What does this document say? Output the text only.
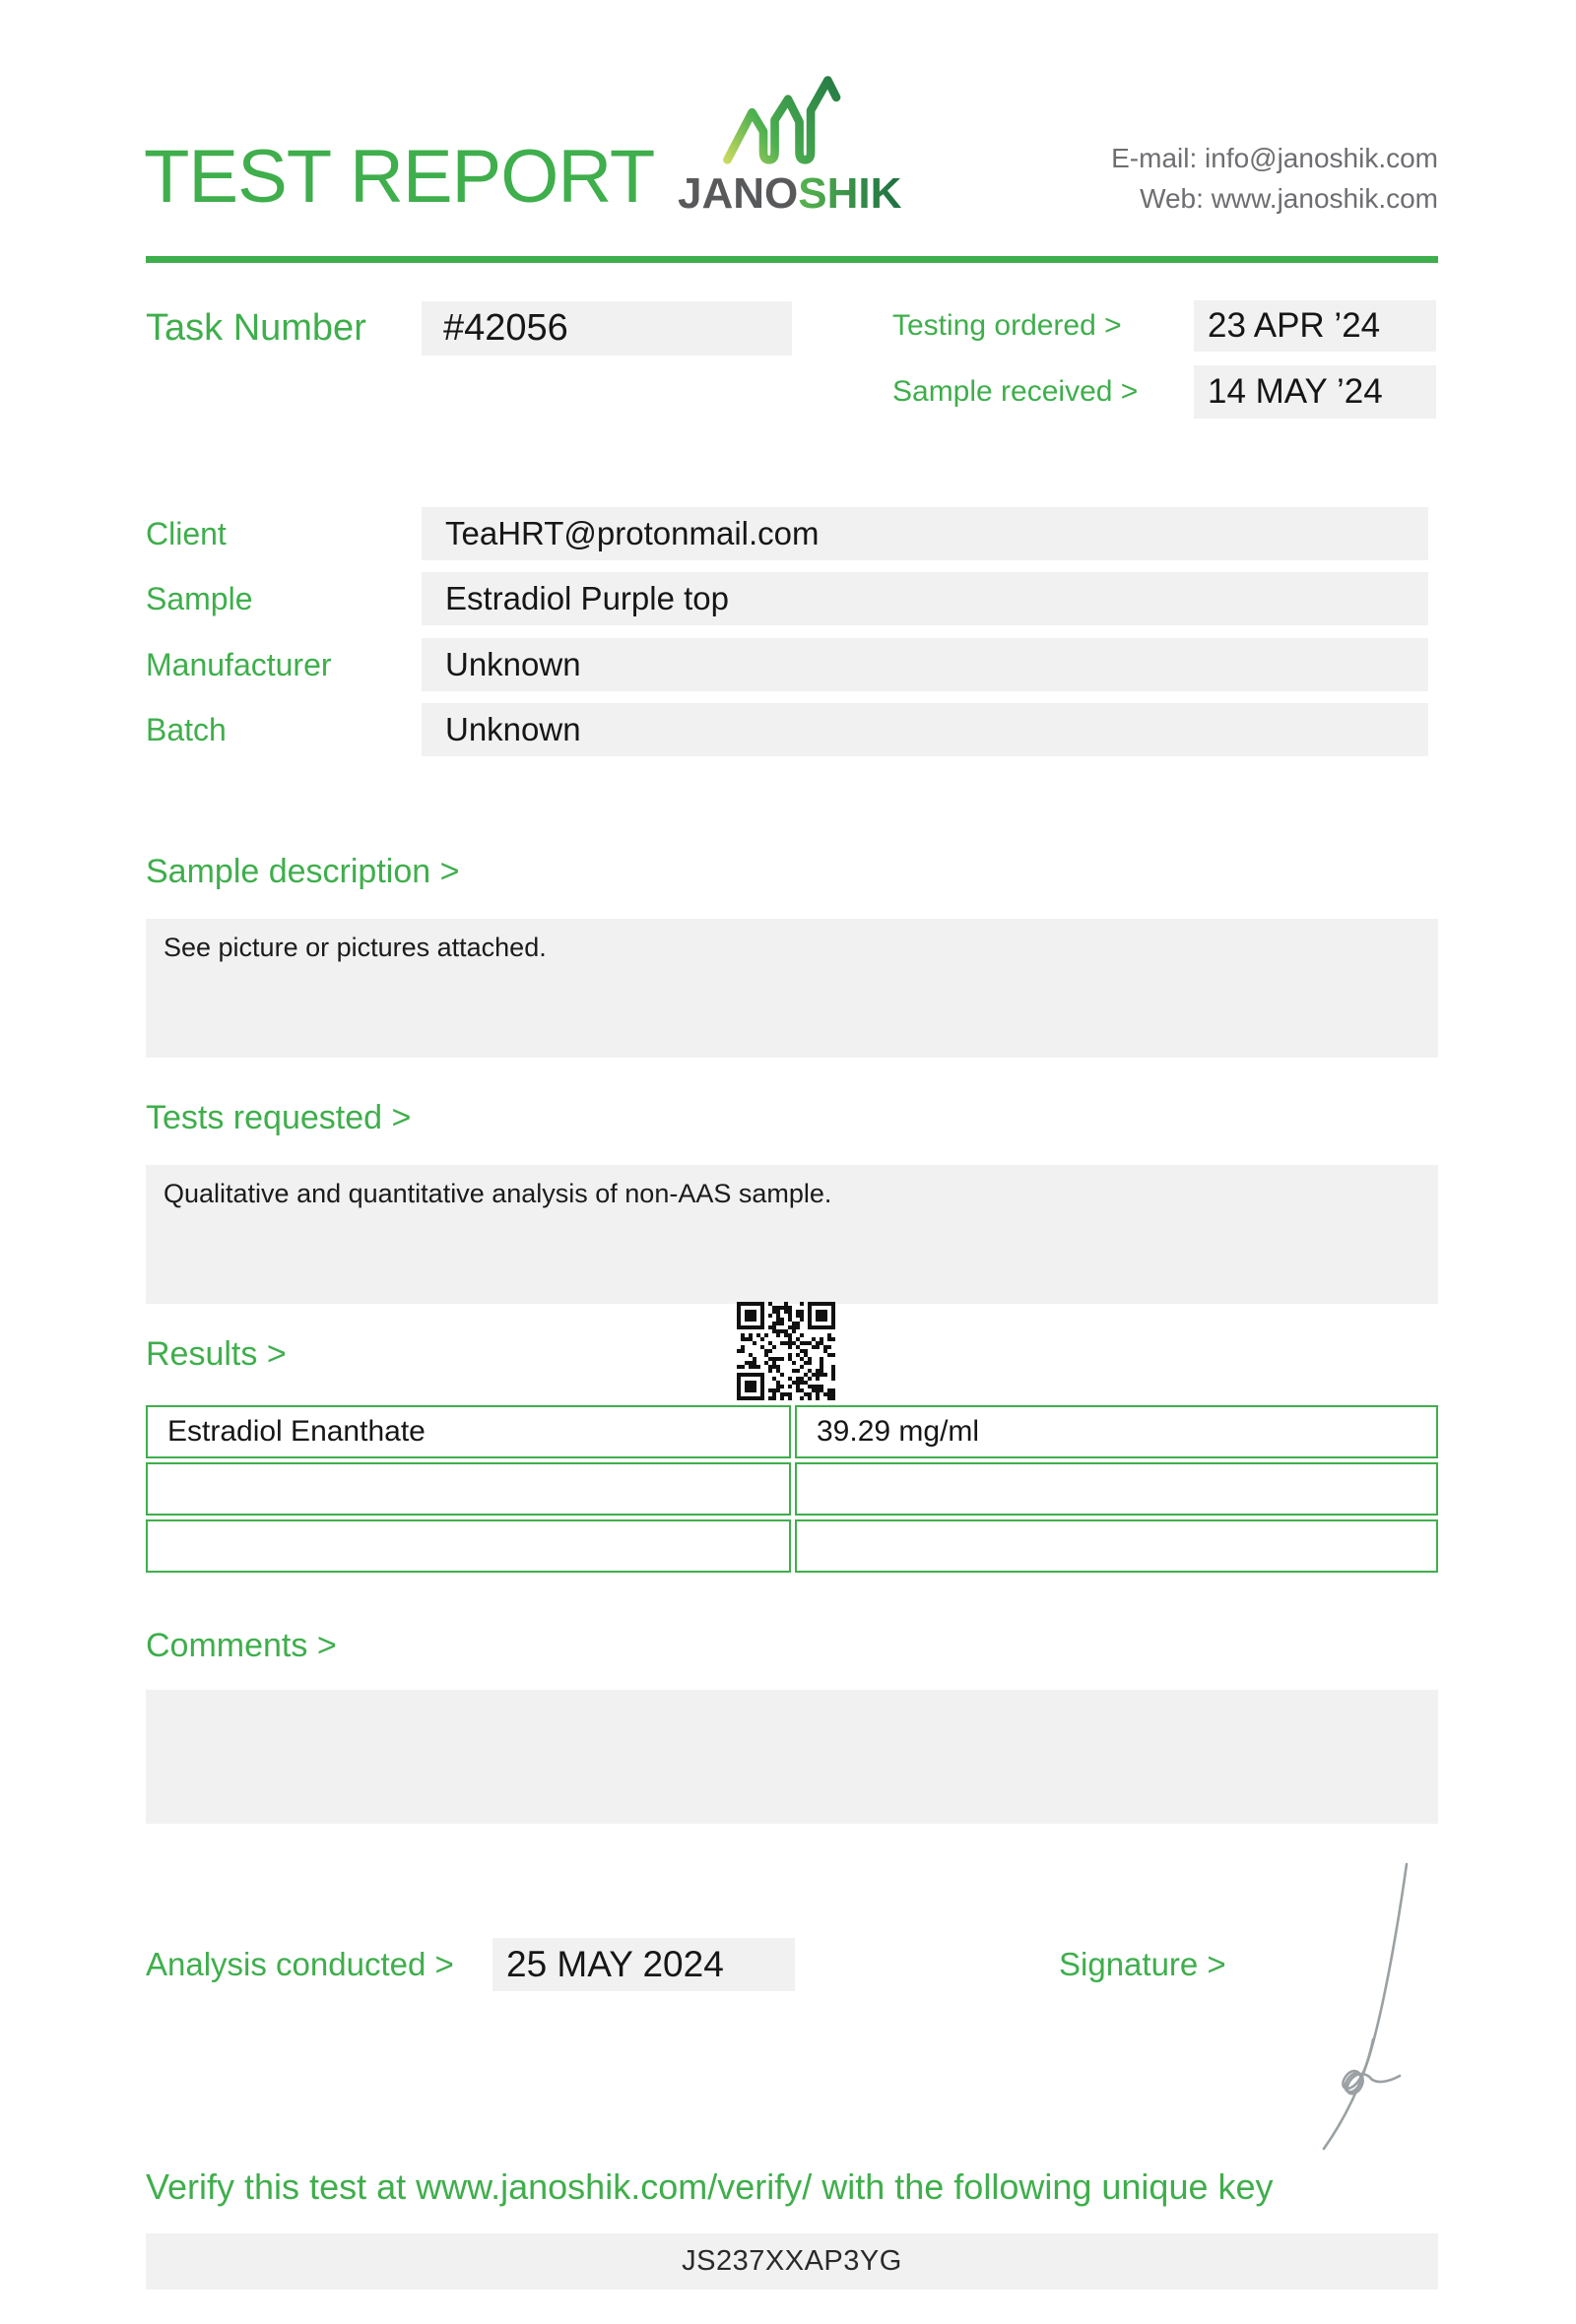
TEST REPORT JANOSHIK
E-mail: info@janoshik.com
Web: www.janoshik.com
Task Number	#42056	Testing ordered >	23 APR ’24
Sample received >	14 MAY ’24
Client	TeaHRT@protonmail.com
Sample	Estradiol Purple top
Manufacturer	Unknown
Batch	Unknown
Sample description >
See picture or pictures attached.
Tests requested >
Qualitative and quantitative analysis of non-AAS sample.
Results >
Estradiol Enanthate	39.29 mg/ml
Comments >
Analysis conducted >	25 MAY 2024	Signature >
Verify this test at www.janoshik.com/verify/ with the following unique key
JS237XXAP3YG
